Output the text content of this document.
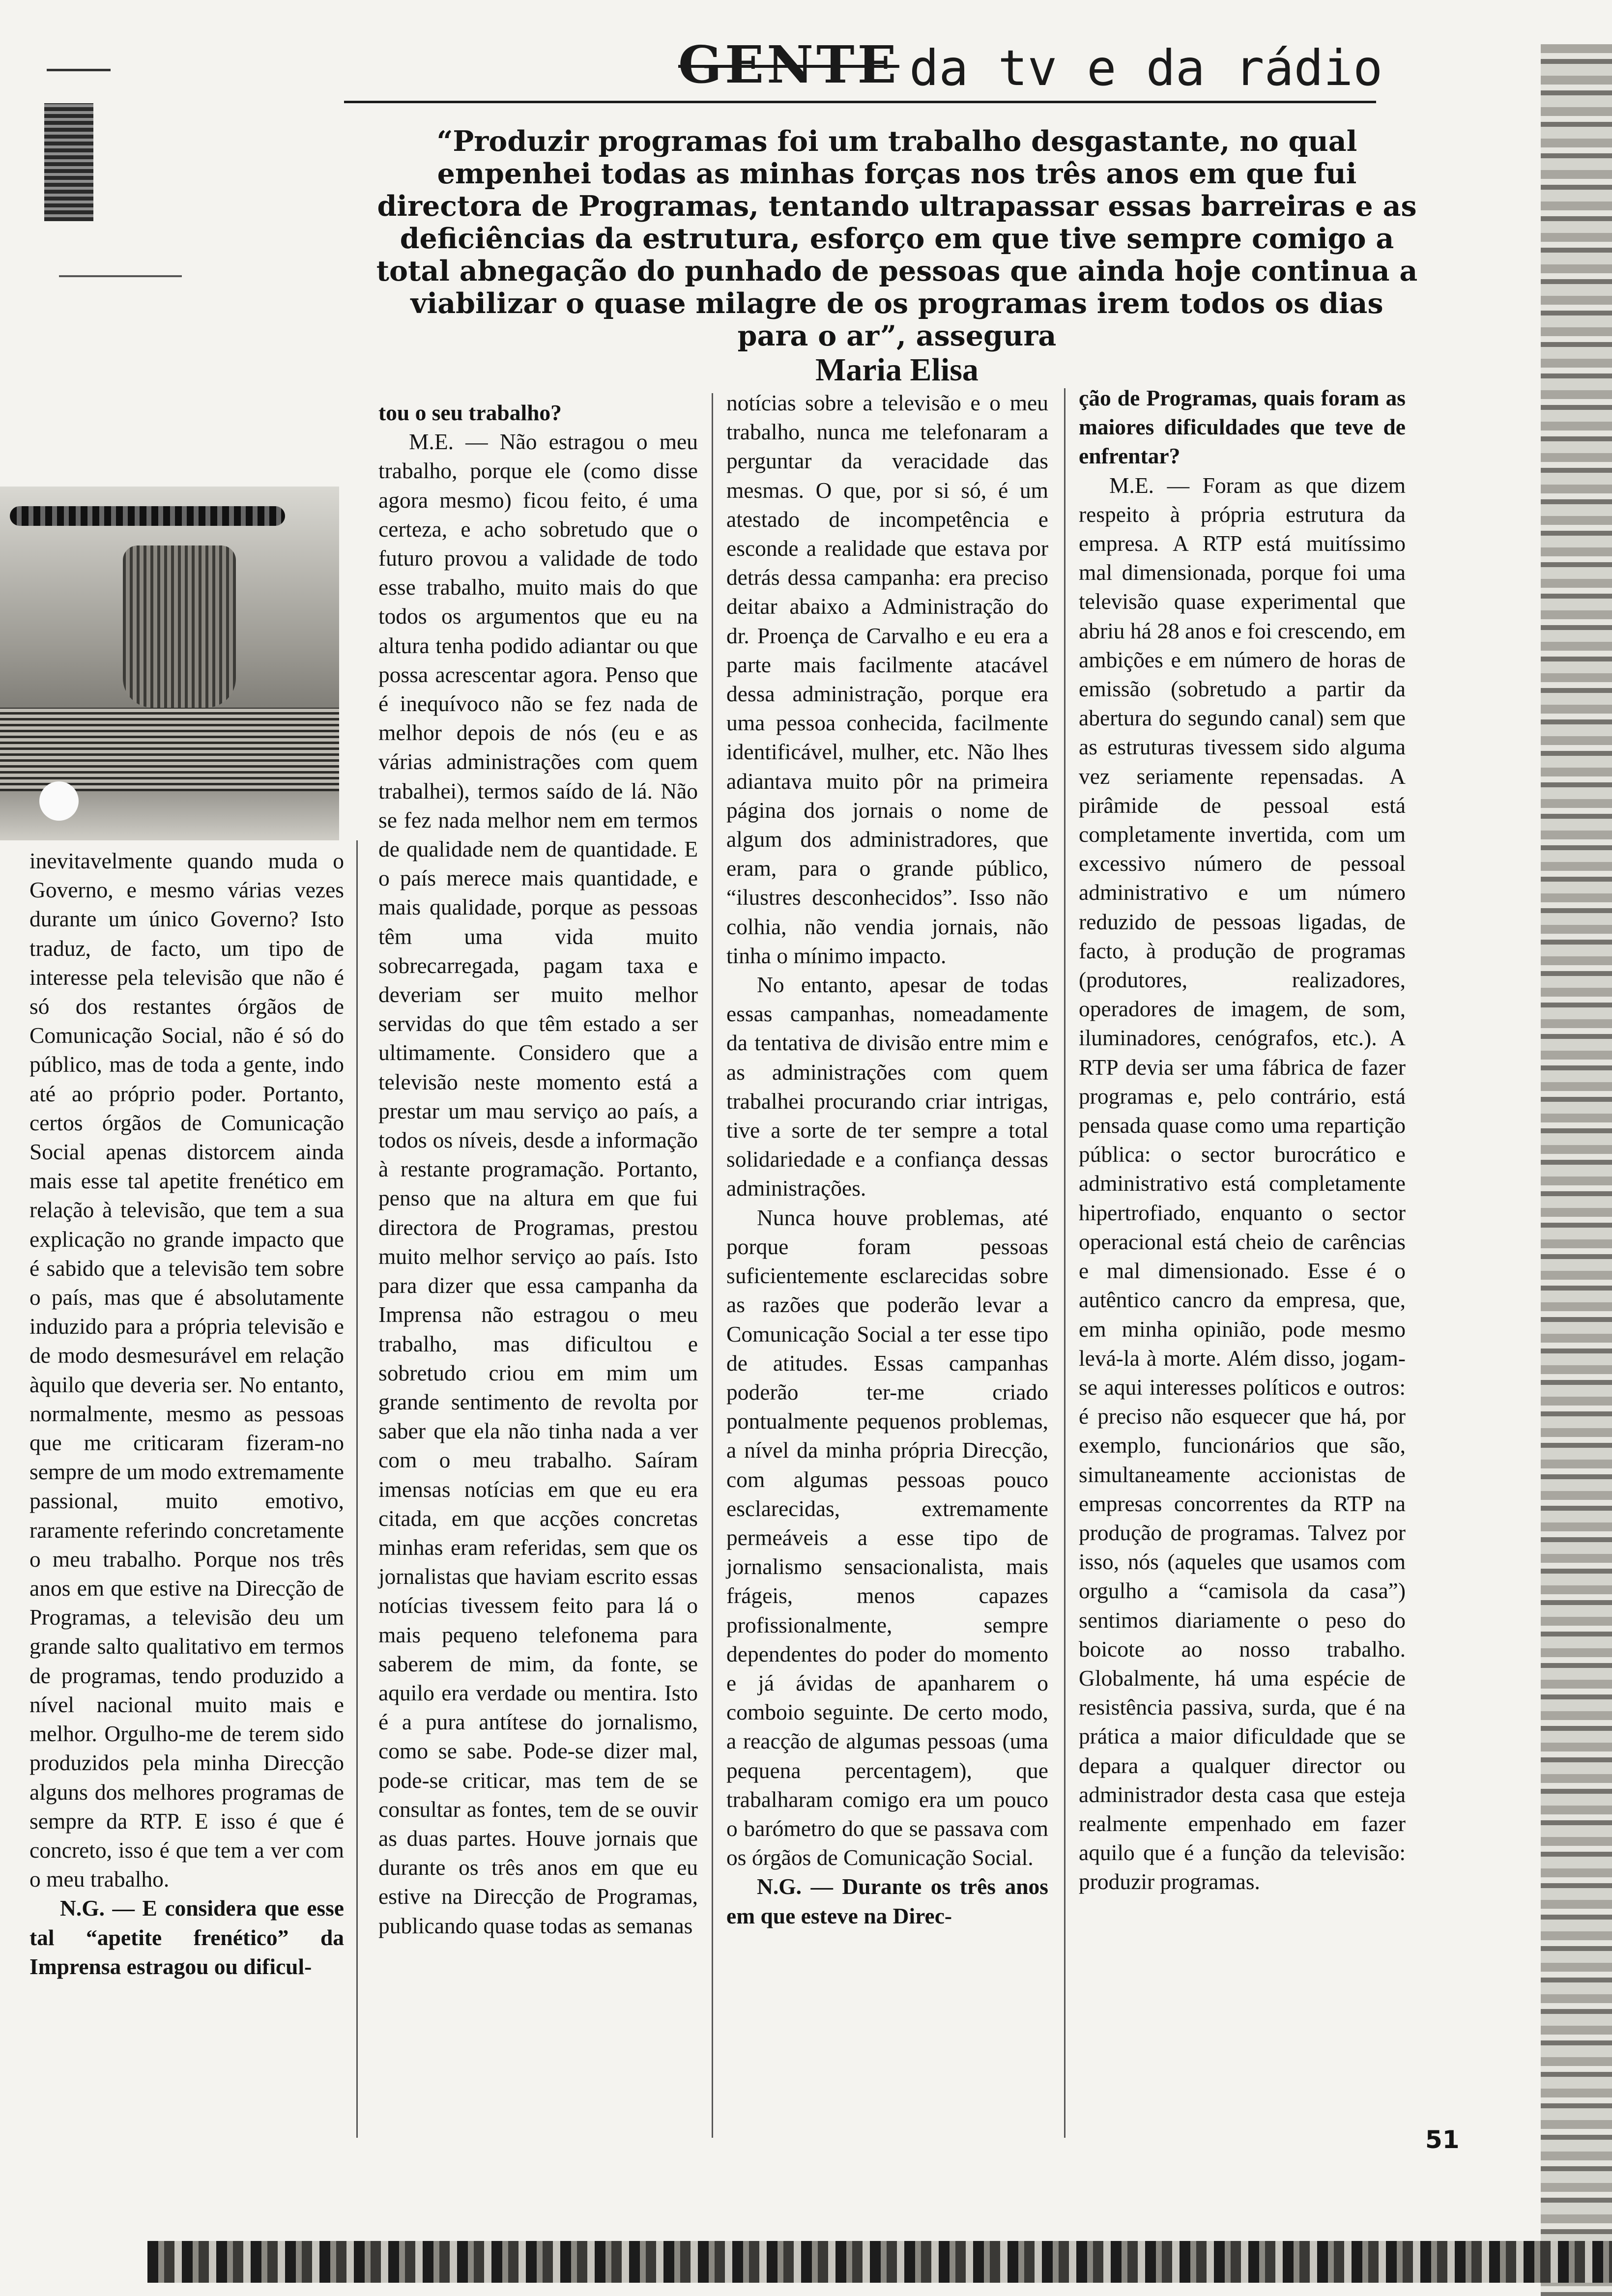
GENTE da tv e da rádio
“Produzir programas foi um trabalho desgastante, no qual empenhei todas as minhas forças nos três anos em que fui directora de Programas, tentando ultrapassar essas barreiras e as deficiências da estrutura, esforço em que tive sempre comigo a total abnegação do punhado de pessoas que ainda hoje continua a viabilizar o quase milagre de os programas irem todos os dias para o ar”, assegura
Maria Elisa

inevitavelmente quando muda o Governo, e mesmo várias vezes durante um único Governo? Isto traduz, de facto, um tipo de interesse pela televisão que não é só dos restantes órgãos de Comunicação Social, não é só do público, mas de toda a gente, indo até ao próprio poder. Portanto, certos órgãos de Comunicação Social apenas distorcem ainda mais esse tal apetite frenético em relação à televisão, que tem a sua explicação no grande impacto que é sabido que a televisão tem sobre o país, mas que é absolutamente induzido para a própria televisão e de modo desmesurável em relação àquilo que deveria ser. No entanto, normalmente, mesmo as pessoas que me criticaram fizeram-no sempre de um modo extremamente passional, muito emotivo, raramente referindo concretamente o meu trabalho. Porque nos três anos em que estive na Direcção de Programas, a televisão deu um grande salto qualitativo em termos de programas, tendo produzido a nível nacional muito mais e melhor. Orgulho-me de terem sido produzidos pela minha Direcção alguns dos melhores programas de sempre da RTP. E isso é que é concreto, isso é que tem a ver com o meu trabalho.

N.G. — E considera que esse tal “apetite frenético” da Imprensa estragou ou dificul-

tou o seu trabalho?

M.E. — Não estragou o meu trabalho, porque ele (como disse agora mesmo) ficou feito, é uma certeza, e acho sobretudo que o futuro provou a validade de todo esse trabalho, muito mais do que todos os argumentos que eu na altura tenha podido adiantar ou que possa acrescentar agora. Penso que é inequívoco não se fez nada de melhor depois de nós (eu e as várias administrações com quem trabalhei), termos saído de lá. Não se fez nada melhor nem em termos de qualidade nem de quantidade. E o país merece mais quantidade, e mais qualidade, porque as pessoas têm uma vida muito sobrecarregada, pagam taxa e deveriam ser muito melhor servidas do que têm estado a ser ultimamente. Considero que a televisão neste momento está a prestar um mau serviço ao país, a todos os níveis, desde a informação à restante programação. Portanto, penso que na altura em que fui directora de Programas, prestou muito melhor serviço ao país. Isto para dizer que essa campanha da Imprensa não estragou o meu trabalho, mas dificultou e sobretudo criou em mim um grande sentimento de revolta por saber que ela não tinha nada a ver com o meu trabalho. Saíram imensas notícias em que eu era citada, em que acções concretas minhas eram referidas, sem que os jornalistas que haviam escrito essas notícias tivessem feito para lá o mais pequeno telefonema para saberem de mim, da fonte, se aquilo era verdade ou mentira. Isto é a pura antítese do jornalismo, como se sabe. Pode-se dizer mal, pode-se criticar, mas tem de se consultar as fontes, tem de se ouvir as duas partes. Houve jornais que durante os três anos em que eu estive na Direcção de Programas, publicando quase todas as semanas

notícias sobre a televisão e o meu trabalho, nunca me telefonaram a perguntar da veracidade das mesmas. O que, por si só, é um atestado de incompetência e esconde a realidade que estava por detrás dessa campanha: era preciso deitar abaixo a Administração do dr. Proença de Carvalho e eu era a parte mais facilmente atacável dessa administração, porque era uma pessoa conhecida, facilmente identificável, mulher, etc. Não lhes adiantava muito pôr na primeira página dos jornais o nome de algum dos administradores, que eram, para o grande público, “ilustres desconhecidos”. Isso não colhia, não vendia jornais, não tinha o mínimo impacto.

No entanto, apesar de todas essas campanhas, nomeadamente da tentativa de divisão entre mim e as administrações com quem trabalhei procurando criar intrigas, tive a sorte de ter sempre a total solidariedade e a confiança dessas administrações.

Nunca houve problemas, até porque foram pessoas suficientemente esclarecidas sobre as razões que poderão levar a Comunicação Social a ter esse tipo de atitudes. Essas campanhas poderão ter-me criado pontualmente pequenos problemas, a nível da minha própria Direcção, com algumas pessoas pouco esclarecidas, extremamente permeáveis a esse tipo de jornalismo sensacionalista, mais frágeis, menos capazes profissionalmente, sempre dependentes do poder do momento e já ávidas de apanharem o comboio seguinte. De certo modo, a reacção de algumas pessoas (uma pequena percentagem), que trabalharam comigo era um pouco o barómetro do que se passava com os órgãos de Comunicação Social.

N.G. — Durante os três anos em que esteve na Direc-

ção de Programas, quais foram as maiores dificuldades que teve de enfrentar?

M.E. — Foram as que dizem respeito à própria estrutura da empresa. A RTP está muitíssimo mal dimensionada, porque foi uma televisão quase experimental que abriu há 28 anos e foi crescendo, em ambições e em número de horas de emissão (sobretudo a partir da abertura do segundo canal) sem que as estruturas tivessem sido alguma vez seriamente repensadas. A pirâmide de pessoal está completamente invertida, com um excessivo número de pessoal administrativo e um número reduzido de pessoas ligadas, de facto, à produção de programas (produtores, realizadores, operadores de imagem, de som, iluminadores, cenógrafos, etc.). A RTP devia ser uma fábrica de fazer programas e, pelo contrário, está pensada quase como uma repartição pública: o sector burocrático e administrativo está completamente hipertrofiado, enquanto o sector operacional está cheio de carências e mal dimensionado. Esse é o autêntico cancro da empresa, que, em minha opinião, pode mesmo levá-la à morte. Além disso, jogam-se aqui interesses políticos e outros: é preciso não esquecer que há, por exemplo, funcionários que são, simultaneamente accionistas de empresas concorrentes da RTP na produção de programas. Talvez por isso, nós (aqueles que usamos com orgulho a “camisola da casa”) sentimos diariamente o peso do boicote ao nosso trabalho. Globalmente, há uma espécie de resistência passiva, surda, que é na prática a maior dificuldade que se depara a qualquer director ou administrador desta casa que esteja realmente empenhado em fazer aquilo que é a função da televisão: produzir programas.

51
